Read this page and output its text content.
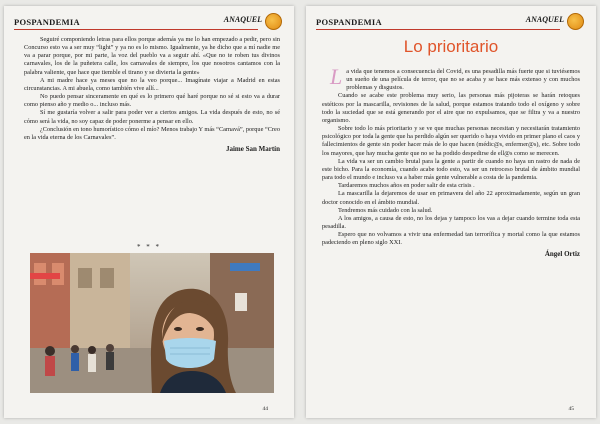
POSPANDEMIA	ANAQUEL

Seguiré componiendo letras para ellos porque además ya me lo han empezado a pedir, pero sin Concurso esto va a ser muy “light” y ya no es lo mismo. Igualmente, ya he dicho que a mí nadie me va a parar porque, por mi parte, la voz del pueblo va a seguir ahí. «Que no te roben tus divinos carnavales, los de la puñetera calle, los carnavales de siempre, los que nosotros cantamos con la palabra valiente, que hace que tiemble el tirano y se divierta la gente»

A mi madre hace ya meses que no la veo porque... Imagínate viajar a Madrid en estas circunstancias. A mi abuela, como también vive allí...

No puedo pensar sinceramente en qué es lo primero qué haré porque no sé si esto va a durar como pienso año y medio o... incluso más.

Sí me gustaría volver a salir para poder ver a ciertos amigos. La vida después de esto, no sé cómo será la vida, no soy capaz de poder ponerme a pensar en ello.

¿Conclusión en tono humorístico cómo el mío? Menos trabajo Y más “Carnavá”, porque “Creo en la vida eterna de los Carnavales”.

Jaime San Martín
* * *
44
POSPANDEMIA	ANAQUEL
Lo prioritario

La vida que tenemos a consecuencia del Covid, es una pesadilla más fuerte que si tuviésemos un sueño de una película de terror, que no se acaba y se hace más extenso y con muchos problemas y disgustos.

Cuando se acabe este problema muy serio, las personas más pijoteras se harán retoques estéticos por la mascarilla, revisiones de la salud, porque estamos tratando todo el oxígeno y sobre todo la suciedad que se está generando por el aire que no expulsamos, que se filtra y va a nuestro organismo.

Sobre todo lo más prioritario y se ve que muchas personas necesitan y necesitarán tratamiento psicológico por toda la gente que ha perdido algún ser querido o haya vivido en primer plano el caos y fallecimientos de gente sin poder hacer más de lo que hacen (médic@s, enfermer@s), etc. Sobre todo los mayores, que hay mucha gente que no se ha podido despedirse de ell@s como se merecen.

La vida va ser un cambio brutal para la gente a partir de cuando no haya un rastro de nada de este bicho. Para la economía, cuando acabe todo esto, va ser un retroceso brutal de ámbito mundial para todo el mundo e incluso va a haber más gente vulnerable a costa de la pandemia.

Tardaremos muchos años en poder salir de esta crisis .

La mascarilla la dejaremos de usar en primavera del año 22 aproximadamente, según un gran doctor conocido en el ámbito mundial.

Tendremos más cuidado con la salud.

A los amigos, a causa de esto, no los dejas y tampoco los vas a dejar cuando termine toda esta pesadilla.

Espero que no volvamos a vivir una enfermedad tan terrorífica y mortal como la que estamos padeciendo en pleno siglo XXI.

Ángel Ortiz
45
